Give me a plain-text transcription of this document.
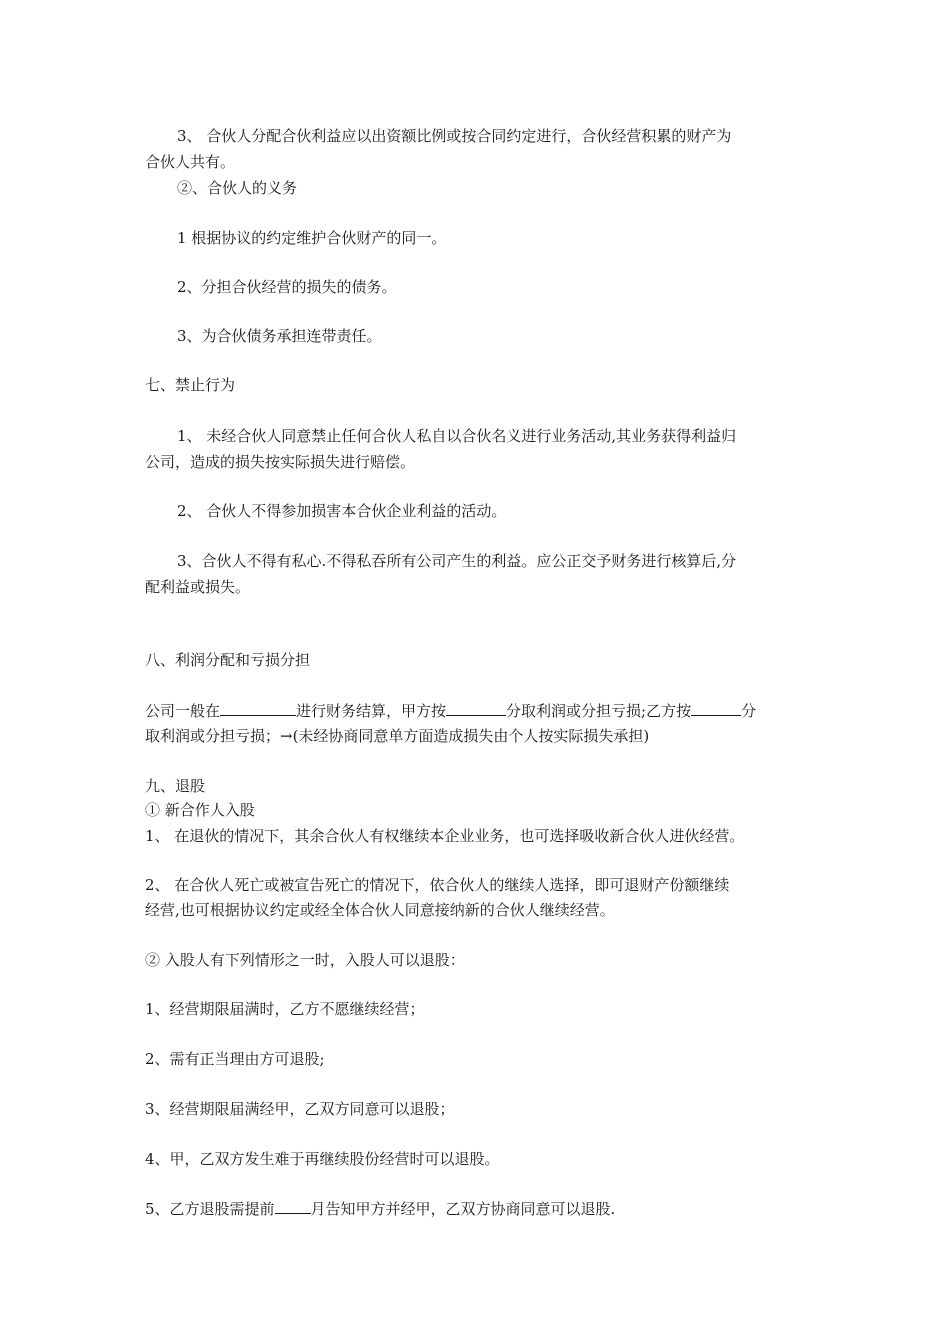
3、 合伙人分配合伙利益应以出资额比例或按合同约定进行，合伙经营积累的财产为
合伙人共有。
②、合伙人的义务
1 根据协议的约定维护合伙财产的同一。
2、分担合伙经营的损失的债务。
3、为合伙债务承担连带责任。
七、禁止行为
1、 未经合伙人同意禁止任何合伙人私自以合伙名义进行业务活动,其业务获得利益归
公司，造成的损失按实际损失进行赔偿。
2、 合伙人不得参加损害本合伙企业利益的活动。
3、合伙人不得有私心.不得私吞所有公司产生的利益。应公正交予财务进行核算后,分
配利益或损失。
八、利润分配和亏损分担
公司一般在	进行财务结算，甲方按	分取利润或分担亏损;乙方按	分
取利润或分担亏损；→(未经协商同意单方面造成损失由个人按实际损失承担)
九、退股
① 新合作人入股
1、 在退伙的情况下，其余合伙人有权继续本企业业务，也可选择吸收新合伙人进伙经营。
2、 在合伙人死亡或被宣告死亡的情况下，依合伙人的继续人选择，即可退财产份额继续
经营,也可根据协议约定或经全体合伙人同意接纳新的合伙人继续经营。
② 入股人有下列情形之一时，入股人可以退股：
1、经营期限届满时，乙方不愿继续经营；
2、需有正当理由方可退股;
3、经营期限届满经甲，乙双方同意可以退股；
4、甲，乙双方发生难于再继续股份经营时可以退股。
5、乙方退股需提前 月告知甲方并经甲，乙双方协商同意可以退股.
